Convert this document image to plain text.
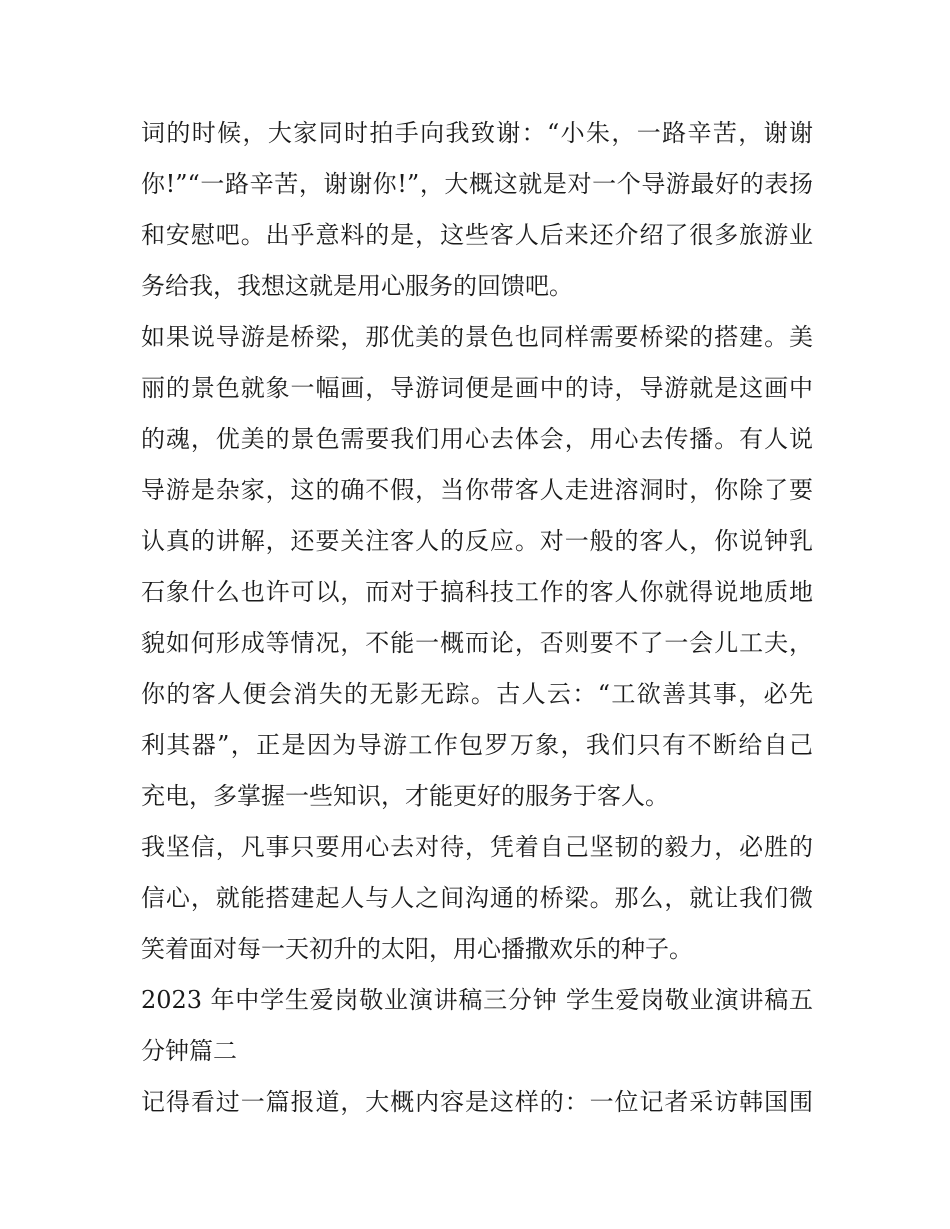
词的时候，大家同时拍手向我致谢：“小朱，一路辛苦，谢谢
你!”“一路辛苦，谢谢你!”，大概这就是对一个导游最好的表扬
和安慰吧。出乎意料的是，这些客人后来还介绍了很多旅游业
务给我，我想这就是用心服务的回馈吧。
如果说导游是桥梁，那优美的景色也同样需要桥梁的搭建。美
丽的景色就象一幅画，导游词便是画中的诗，导游就是这画中
的魂，优美的景色需要我们用心去体会，用心去传播。有人说
导游是杂家，这的确不假，当你带客人走进溶洞时，你除了要
认真的讲解，还要关注客人的反应。对一般的客人，你说钟乳
石象什么也许可以，而对于搞科技工作的客人你就得说地质地
貌如何形成等情况，不能一概而论，否则要不了一会儿工夫，
你的客人便会消失的无影无踪。古人云：“工欲善其事，必先
利其器”，正是因为导游工作包罗万象，我们只有不断给自己
充电，多掌握一些知识，才能更好的服务于客人。
我坚信，凡事只要用心去对待，凭着自己坚韧的毅力，必胜的
信心，就能搭建起人与人之间沟通的桥梁。那么，就让我们微
笑着面对每一天初升的太阳，用心播撒欢乐的种子。
2023 年中学生爱岗敬业演讲稿三分钟 学生爱岗敬业演讲稿五
分钟篇二
记得看过一篇报道，大概内容是这样的：一位记者采访韩国围
